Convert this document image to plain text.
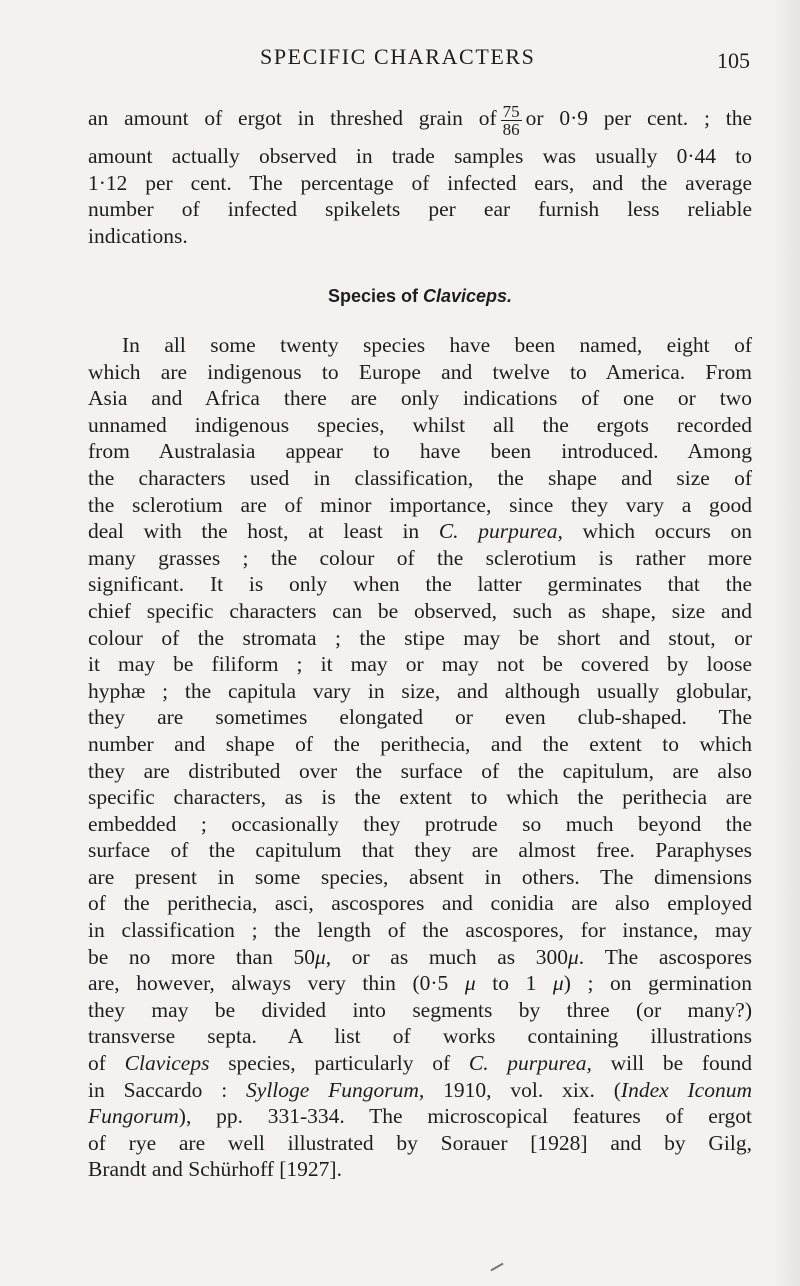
SPECIFIC CHARACTERS	105

an amount of ergot in threshed grain of $\frac{75}{86}$ or 0·9 per cent. ; the
amount actually observed in trade samples was usually 0·44 to
1·12 per cent. The percentage of infected ears, and the average
number of infected spikelets per ear furnish less reliable
indications.

Species of Claviceps.

In all some twenty species have been named, eight of
which are indigenous to Europe and twelve to America. From
Asia and Africa there are only indications of one or two
unnamed indigenous species, whilst all the ergots recorded
from Australasia appear to have been introduced. Among
the characters used in classification, the shape and size of
the sclerotium are of minor importance, since they vary a good
deal with the host, at least in C. purpurea, which occurs on
many grasses ; the colour of the sclerotium is rather more
significant. It is only when the latter germinates that the
chief specific characters can be observed, such as shape, size and
colour of the stromata ; the stipe may be short and stout, or
it may be filiform ; it may or may not be covered by loose
hyphæ ; the capitula vary in size, and although usually globular,
they are sometimes elongated or even club-shaped. The
number and shape of the perithecia, and the extent to which
they are distributed over the surface of the capitulum, are also
specific characters, as is the extent to which the perithecia are
embedded ; occasionally they protrude so much beyond the
surface of the capitulum that they are almost free. Paraphyses
are present in some species, absent in others. The dimensions
of the perithecia, asci, ascospores and conidia are also employed
in classification ; the length of the ascospores, for instance, may
be no more than 50μ, or as much as 300μ. The ascospores
are, however, always very thin (0·5 μ to 1 μ) ; on germination
they may be divided into segments by three (or many?)
transverse septa. A list of works containing illustrations
of Claviceps species, particularly of C. purpurea, will be found
in Saccardo : Sylloge Fungorum, 1910, vol. xix. (Index Iconum
Fungorum), pp. 331-334. The microscopical features of ergot
of rye are well illustrated by Sorauer [1928] and by Gilg,
Brandt and Schürhoff [1927].
